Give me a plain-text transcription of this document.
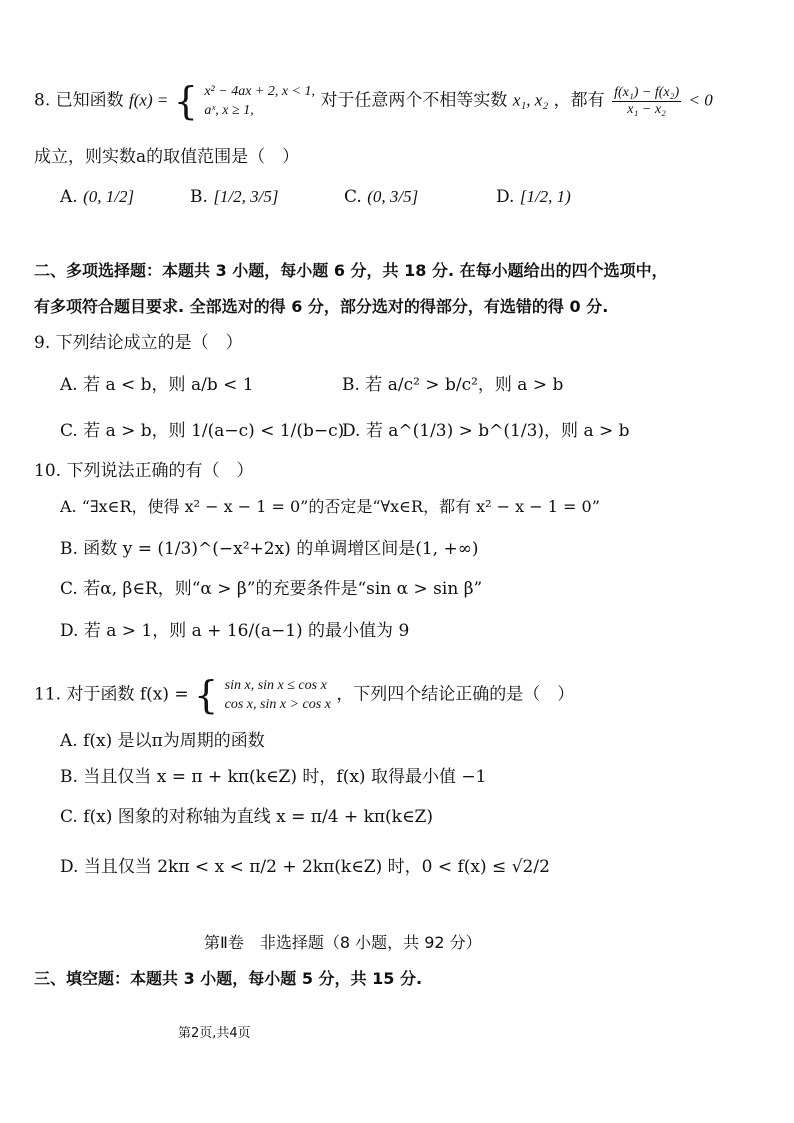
8. 已知函数 f(x) = { x² − 4ax + 2, x < 1,
aˣ, x ≥ 1,	对于任意两个不相等实数 x₁, x₂ ，都有 $\frac{\text{f(x₁) − f(x₂)}}{\text{x₁ − x₂}} < 0$
成立，则实数a的取值范围是（　）
A. (0, 1/2]	B. [1/2, 3/5]	C. (0, 3/5]	D. [1/2, 1)
二、多项选择题：本题共 3 小题，每小题 6 分，共 18 分. 在每小题给出的四个选项中，
有多项符合题目要求. 全部选对的得 6 分，部分选对的得部分，有选错的得 0 分.
9. 下列结论成立的是（　）
A. 若 a < b，则 a/b < 1	B. 若 a/c² > b/c²，则 a > b
C. 若 a > b，则 1/(a−c) < 1/(b−c)
D. 若 a^(1/3) > b^(1/3)，则 a > b
10. 下列说法正确的有（　）
A. “∃x∈R，使得 x² − x − 1 = 0”的否定是“∀x∈R，都有 x² − x − 1 = 0”
B. 函数 y = (1/3)^(−x²+2x) 的单调增区间是(1, +∞)
C. 若α, β∈R，则“α > β”的充要条件是“sin α > sin β”
D. 若 a > 1，则 a + 16/(a−1) 的最小值为 9
11. 对于函数 f(x) = { sin x, sin x ≤ cos x
cos x, sin x > cos x ，下列四个结论正确的是（　）
A. f(x) 是以π为周期的函数
B. 当且仅当 x = π + kπ(k∈Z) 时，f(x) 取得最小值 −1
C. f(x) 图象的对称轴为直线 x = π/4 + kπ(k∈Z)
D. 当且仅当 2kπ < x < π/2 + 2kπ(k∈Z) 时，0 < f(x) ≤ √2/2
第Ⅱ卷　非选择题（8 小题，共 92 分）
三、填空题：本题共 3 小题，每小题 5 分，共 15 分.
第2页,共4页
